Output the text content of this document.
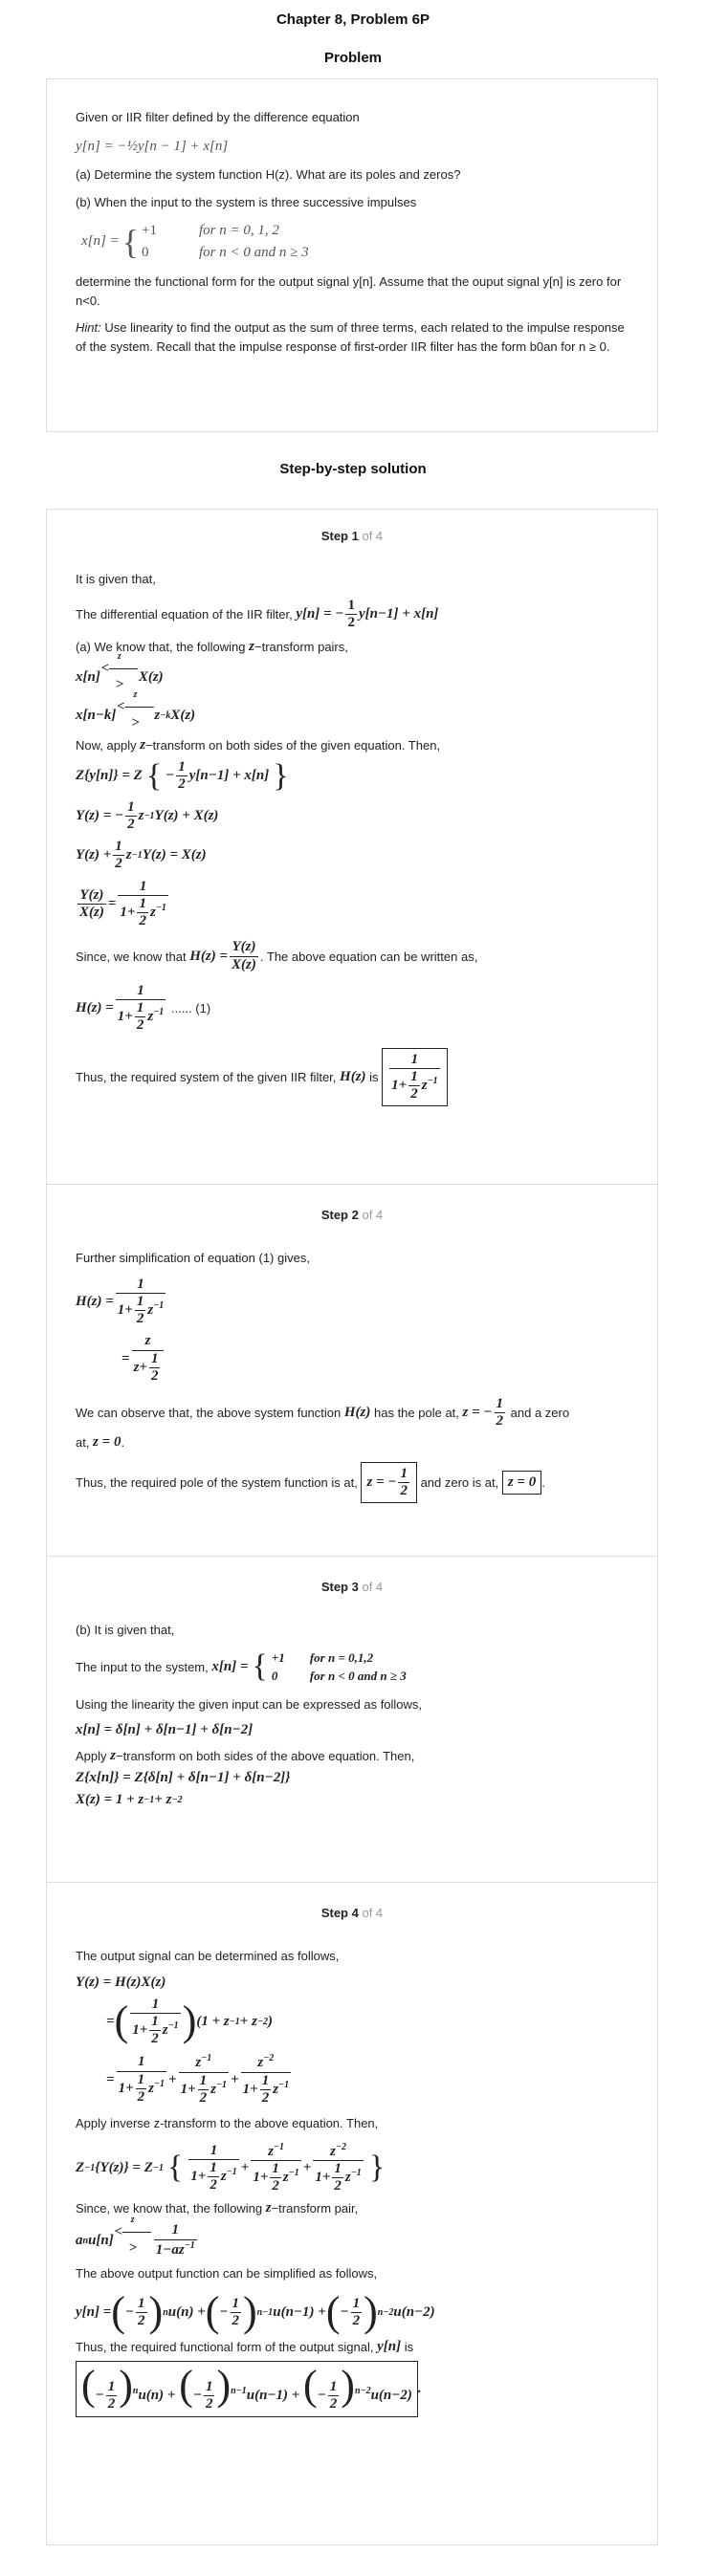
Chapter 8, Problem 6P
Problem

Given or IIR filter defined by the difference equation

y[n] = −½y[n − 1] + x[n]

(a) Determine the system function H(z). What are its poles and zeros?

(b) When the input to the system is three successive impulses

x[n] = { +1	for n = 0, 1, 2
0	for n < 0 and n ≥ 3

determine the functional form for the output signal y[n]. Assume that the ouput signal y[n] is zero for n<0.

Hint: Use linearity to find the output as the sum of three terms, each related to the impulse response of the system. Recall that the impulse response of first-order IIR filter has the form b0an for n ≥ 0.

Step-by-step solution
Step 1 of 4

It is given that,

The differential equation of the IIR filter,
y[n] = − $\frac{1}{2} y[n-1] + x[n]$
(a) We know that, the following
z −transform pairs,
x[n]
z
<——>
X(z)
x[n−k]
z
<——>
z −k X(z)
Now, apply
z −transform on both sides of the given equation. Then,
Z{y[n]} = Z { − $\frac{1}{2} y[n-1] + x[n]$ }
Y(z) = − $\frac{1}{2}$ z −1 Y(z) + X(z)
$Y(z) + \frac{1}{2}$ z −1 Y(z) = X(z)
$\frac{Y(z)}{X(z)} = \frac{1}{1+ \frac{1}{2} z^{-1}}$
Since, we know that
$H(z) = \frac{Y(z)}{X(z)}$ . The above equation can be written as,
$H(z) = \frac{1}{1+ \frac{1}{2} z^{-1}}$
...... (1)
Thus, the required system of the given IIR filter,
H(z)
is
$\frac{1}{1+ \frac{1}{2} z^{-1}}$
Step 2 of 4

Further simplification of equation (1) gives,

$H(z) = \frac{1}{1+ \frac{1}{2} z^{-1}}$
= $\frac{z}{z+ \frac{1}{2}}$
We can observe that, the above system function
H(z)
has the pole at,
z = − $\frac{1}{2}$
and a zero
at,
z = 0 .
Thus, the required pole of the system function is at,
z = − $\frac{1}{2}$
and zero is at,
z = 0 .
Step 3 of 4

(b) It is given that,

The input to the system,
x[n] = { +1 for n = 0,1,2
0	for n < 0 and n ≥ 3

Using the linearity the given input can be expressed as follows,

x[n] = δ[n] + δ[n−1] + δ[n−2]
Apply
z −transform on both sides of the above equation. Then,
Z{x[n]} = Z{δ[n] + δ[n−1] + δ[n−2]}
X(z) = 1 + z −1 + z −2
Step 4 of 4

The output signal can be determined as follows,

Y(z) = H(z)X(z)
= ( $\frac{1}{1+ \frac{1}{2} z^{-1}}$ ) (1 + z −1 + z −2 )
= $\frac{1}{1+ \frac{1}{2} z^{-1}} + \frac{z^{-1}}{1+ \frac{1}{2} z^{-1}} + \frac{z^{-2}}{1+ \frac{1}{2} z^{-1}}$

Apply inverse z-transform to the above equation. Then,

Z −1 {Y(z)} = Z −1 { $\frac{1}{1+ \frac{1}{2} z^{-1}} + \frac{z^{-1}}{1+ \frac{1}{2} z^{-1}} + \frac{z^{-2}}{1+ \frac{1}{2} z^{-1}}$ }
Since, we know that, the following
z −transform pair,
a n u[n]
z
<——>	$\frac{1}{1-az^{-1}}$

The above output function can be simplified as follows,

y[n] = ( − $\frac{1}{2}$ ) n u(n) + ( − $\frac{1}{2}$ ) n−1 u(n−1) + ( − $\frac{1}{2}$ ) n−2 u(n−2)
Thus, the required functional form of the output signal,
y[n]
is
(− $\frac{1}{2} )^nu(n)$ + (− $\frac{1}{2} )^{n-1}u(n-1)$ + (− $\frac{1}{2} )^{n-2}u(n-2)$ .
